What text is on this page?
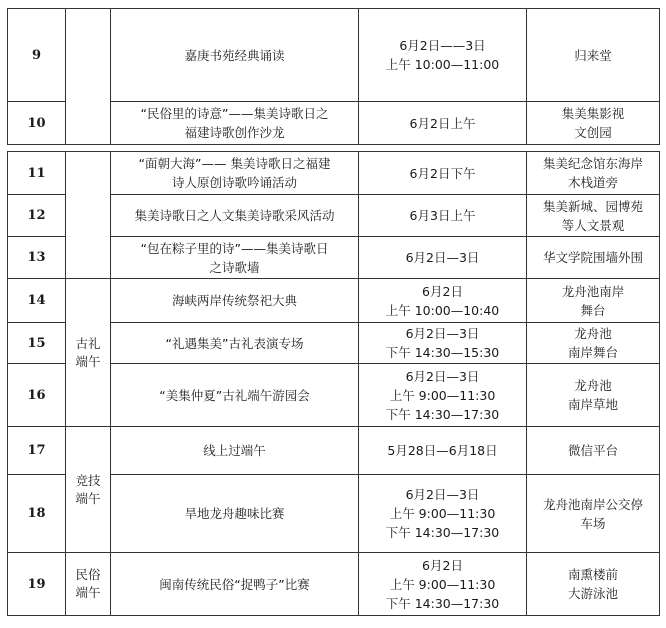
9		嘉庚书苑经典诵读	6月2日——3日
上午 10:00—11:00	归来堂

10		“民俗里的诗意”——集美诗歌日之
福建诗歌创作沙龙	6月2日上午	集美集影视
文创园
11		“面朝大海”—— 集美诗歌日之福建
诗人原创诗歌吟诵活动	6月2日下午	集美纪念馆东海岸
木栈道旁

12		集美诗歌日之人文集美诗歌采风活动	6月3日上午	集美新城、园博苑
等人文景观

13		“包在粽子里的诗”——集美诗歌日
之诗歌墙	6月2日—3日	华文学院围墙外围

14	古礼
端午	海峡两岸传统祭祀大典	6月2日
上午 10:00—10:40	龙舟池南岸
舞台

15		“礼遇集美”古礼表演专场	6月2日—3日
下午 14:30—15:30	龙舟池
南岸舞台

16		“美集仲夏”古礼端午游园会	6月2日—3日
上午 9:00—11:30
下午 14:30—17:30	龙舟池
南岸草地

17	竞技
端午	线上过端午	5月28日—6月18日	微信平台

18		旱地龙舟趣味比赛	6月2日—3日
上午 9:00—11:30
下午 14:30—17:30	龙舟池南岸公交停
车场

19	民俗
端午	闽南传统民俗“捉鸭子”比赛	6月2日
上午 9:00—11:30
下午 14:30—17:30	南熏楼前
大游泳池
